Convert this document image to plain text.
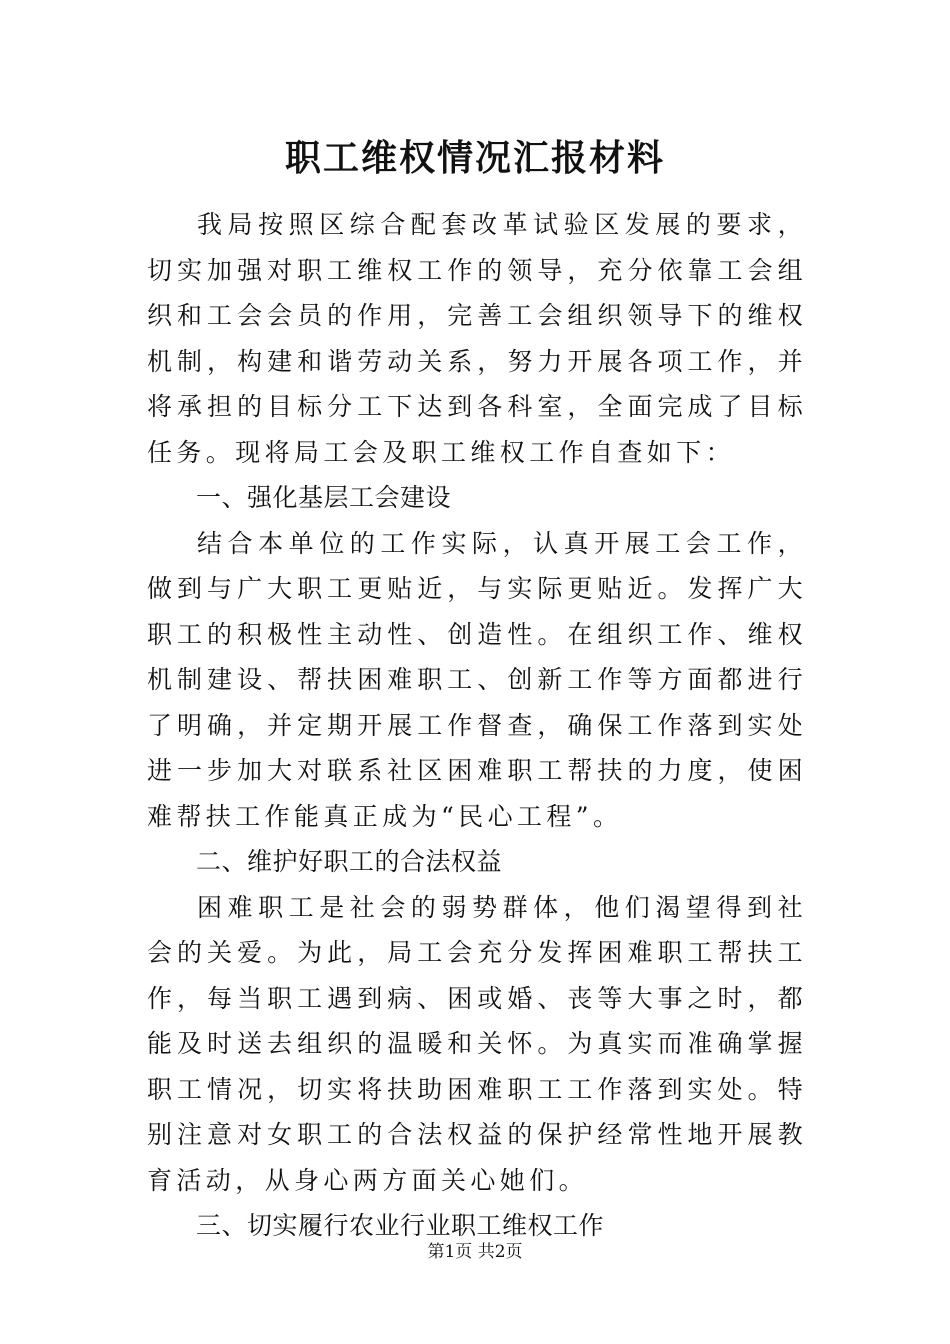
职工维权情况汇报材料

我局按照区综合配套改革试验区发展的要求，切实加强对职工维权工作的领导，充分依靠工会组织和工会会员的作用，完善工会组织领导下的维权机制，构建和谐劳动关系，努力开展各项工作，并将承担的目标分工下达到各科室，全面完成了目标任务。现将局工会及职工维权工作自查如下：

一、强化基层工会建设

结合本单位的工作实际，认真开展工会工作，做到与广大职工更贴近，与实际更贴近。发挥广大职工的积极性主动性、创造性。在组织工作、维权机制建设、帮扶困难职工、创新工作等方面都进行了明确，并定期开展工作督查，确保工作落到实处进一步加大对联系社区困难职工帮扶的力度，使困难帮扶工作能真正成为“民心工程”。

二、维护好职工的合法权益

困难职工是社会的弱势群体，他们渴望得到社会的关爱。为此，局工会充分发挥困难职工帮扶工作，每当职工遇到病、困或婚、丧等大事之时，都能及时送去组织的温暖和关怀。为真实而准确掌握职工情况，切实将扶助困难职工工作落到实处。特别注意对女职工的合法权益的保护经常性地开展教育活动，从身心两方面关心她们。

三、切实履行农业行业职工维权工作

第1页 共2页
